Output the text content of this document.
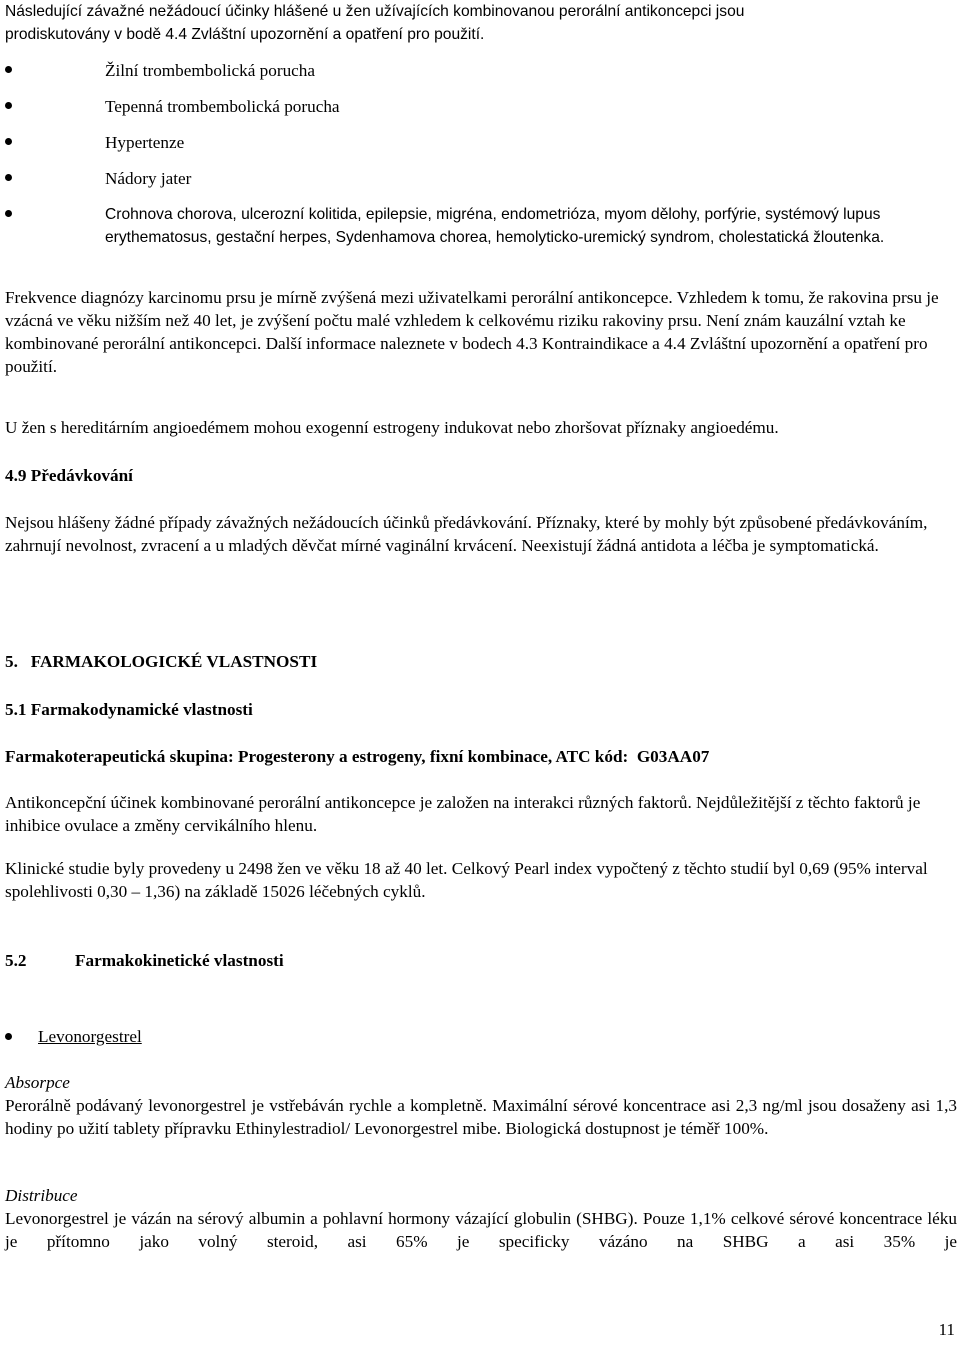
Následující závažné nežádoucí účinky hlášené u žen užívajících kombinovanou perorální antikoncepci jsou
prodiskutovány v bodě 4.4 Zvláštní upozornění a opatření pro použití.
Žilní trombembolická porucha
Tepenná trombembolická porucha
Hypertenze
Nádory jater
Crohnova chorova, ulcerozní kolitida, epilepsie, migréna, endometrióza, myom dělohy, porfýrie, systémový lupus erythematosus, gestační herpes, Sydenhamova chorea, hemolyticko-uremický syndrom, cholestatická žloutenka.
Frekvence diagnózy karcinomu prsu je mírně zvýšená mezi uživatelkami perorální antikoncepce. Vzhledem k tomu, že rakovina prsu je vzácná ve věku nižším než 40 let, je zvýšení počtu malé vzhledem k celkovému riziku rakoviny prsu. Není znám kauzální vztah ke kombinované perorální antikoncepci. Další informace naleznete v bodech 4.3 Kontraindikace a 4.4 Zvláštní upozornění a opatření pro použití.
U žen s hereditárním angioedémem mohou exogenní estrogeny indukovat nebo zhoršovat příznaky angioedému.
4.9 Předávkování
Nejsou hlášeny žádné případy závažných nežádoucích účinků předávkování. Příznaky, které by mohly být způsobené předávkováním, zahrnují nevolnost, zvracení a u mladých děvčat mírné vaginální krvácení. Neexistují žádná antidota a léčba je symptomatická.
5.   FARMAKOLOGICKÉ VLASTNOSTI
5.1 Farmakodynamické vlastnosti
Farmakoterapeutická skupina: Progesterony a estrogeny, fixní kombinace, ATC kód:  G03AA07
Antikoncepční účinek kombinované perorální antikoncepce je založen na interakci různých faktorů. Nejdůležitější z těchto faktorů je inhibice ovulace a změny cervikálního hlenu.
Klinické studie byly provedeny u 2498 žen ve věku 18 až 40 let. Celkový Pearl index vypočtený z těchto studií byl 0,69 (95% interval spolehlivosti 0,30 – 1,36) na základě 15026 léčebných cyklů.
5.2	Farmakokinetické vlastnosti
Levonorgestrel
Absorpce
Perorálně podávaný levonorgestrel je vstřebáván rychle a kompletně. Maximální sérové koncentrace asi 2,3 ng/ml jsou dosaženy asi 1,3 hodiny po užití tablety přípravku Ethinylestradiol/ Levonorgestrel mibe. Biologická dostupnost je téměř 100%.
Distribuce
Levonorgestrel je vázán na sérový albumin a pohlavní hormony vázající globulin (SHBG). Pouze 1,1% celkové sérové koncentrace léku je přítomno jako volný steroid, asi 65% je specificky vázáno na SHBG a asi 35% je
11
